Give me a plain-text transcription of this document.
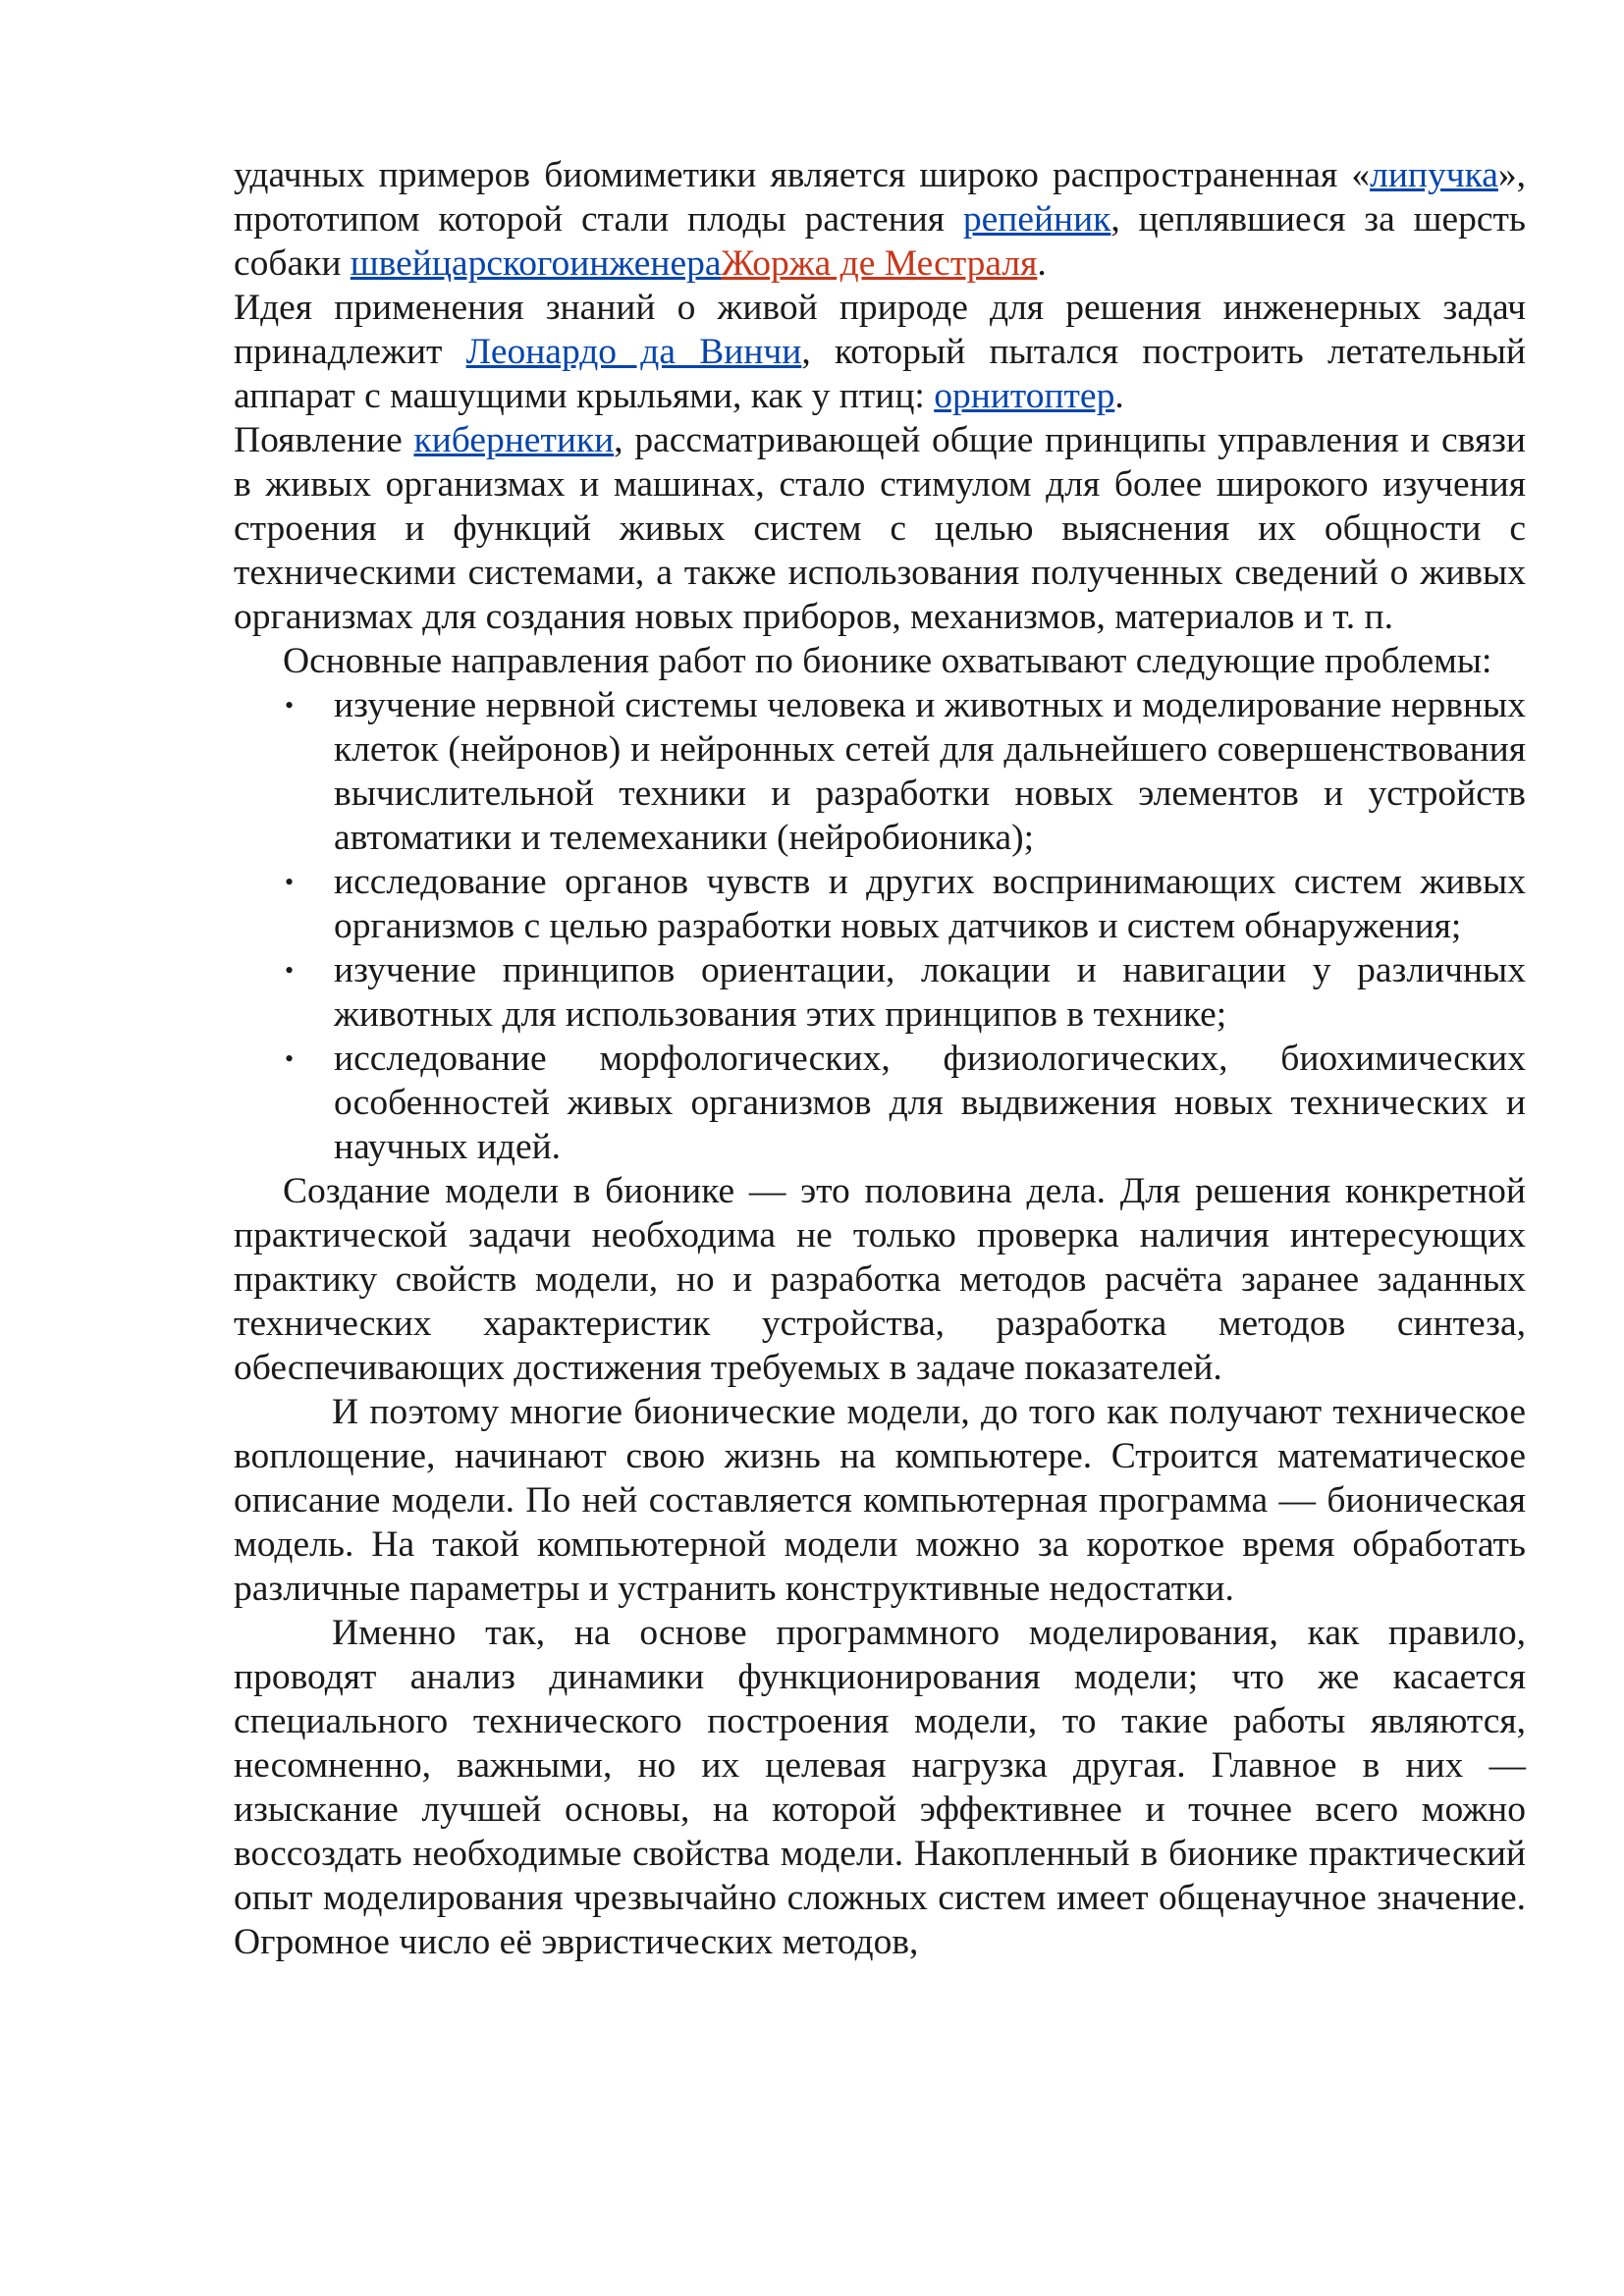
удачных примеров биомиметики является широко распространенная «липучка», прототипом которой стали плоды растения репейник, цеплявшиеся за шерсть собаки швейцарскогоинженераЖоржа де Местраля.

Идея применения знаний о живой природе для решения инженерных задач принадлежит Леонардо да Винчи, который пытался построить летательный аппарат с машущими крыльями, как у птиц: орнитоптер.

Появление кибернетики, рассматривающей общие принципы управления и связи в живых организмах и машинах, стало стимулом для более широкого изучения строения и функций живых систем с целью выяснения их общности с техническими системами, а также использования полученных сведений о живых организмах для создания новых приборов, механизмов, материалов и т. п.

Основные направления работ по бионике охватывают следующие проблемы:

• изучение нервной системы человека и животных и моделирование нервных клеток (нейронов) и нейронных сетей для дальнейшего совершенствования вычислительной техники и разработки новых элементов и устройств автоматики и телемеханики (нейробионика);
• исследование органов чувств и других воспринимающих систем живых организмов с целью разработки новых датчиков и систем обнаружения;
• изучение принципов ориентации, локации и навигации у различных животных для использования этих принципов в технике;
• исследование морфологических, физиологических, биохимических особенностей живых организмов для выдвижения новых технических и научных идей.

Создание модели в бионике — это половина дела. Для решения конкретной практической задачи необходима не только проверка наличия интересующих практику свойств модели, но и разработка методов расчёта заранее заданных технических характеристик устройства, разработка методов синтеза, обеспечивающих достижения требуемых в задаче показателей.

И поэтому многие бионические модели, до того как получают техническое воплощение, начинают свою жизнь на компьютере. Строится математическое описание модели. По ней составляется компьютерная программа — бионическая модель. На такой компьютерной модели можно за короткое время обработать различные параметры и устранить конструктивные недостатки.

Именно так, на основе программного моделирования, как правило, проводят анализ динамики функционирования модели; что же касается специального технического построения модели, то такие работы являются, несомненно, важными, но их целевая нагрузка другая. Главное в них — изыскание лучшей основы, на которой эффективнее и точнее всего можно воссоздать необходимые свойства модели. Накопленный в бионике практический опыт моделирования чрезвычайно сложных систем имеет общенаучное значение. Огромное число её эвристических методов,
